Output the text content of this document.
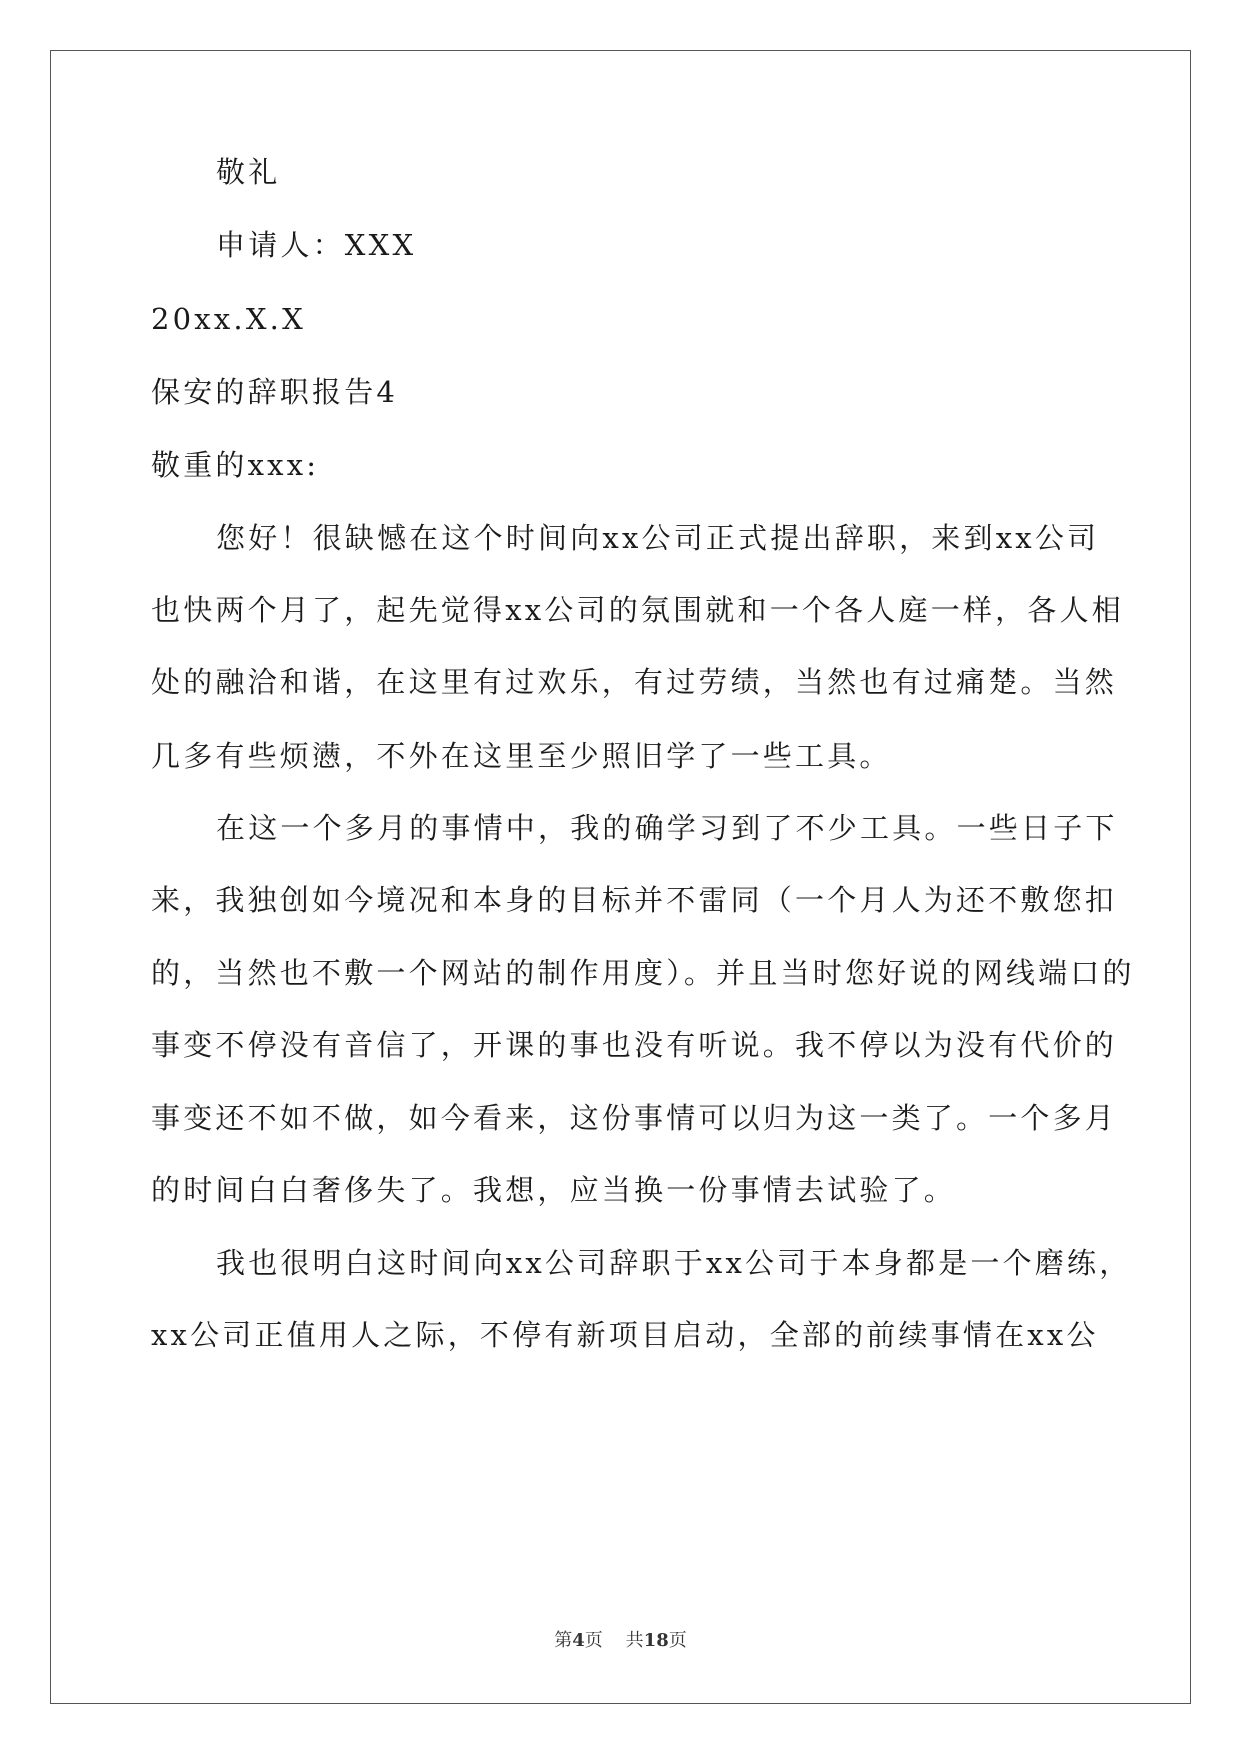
敬礼
申请人：XXX
20xx.X.X
保安的辞职报告4
敬重的xxx:
您好！很缺憾在这个时间向xx公司正式提出辞职，来到xx公司
也快两个月了，起先觉得xx公司的氛围就和一个各人庭一样，各人相
处的融洽和谐，在这里有过欢乐，有过劳绩，当然也有过痛楚。当然
几多有些烦懑，不外在这里至少照旧学了一些工具。
在这一个多月的事情中，我的确学习到了不少工具。一些日子下
来，我独创如今境况和本身的目标并不雷同（一个月人为还不敷您扣
的，当然也不敷一个网站的制作用度）。并且当时您好说的网线端口的
事变不停没有音信了，开课的事也没有听说。我不停以为没有代价的
事变还不如不做，如今看来，这份事情可以归为这一类了。一个多月
的时间白白奢侈失了。我想，应当换一份事情去试验了。
我也很明白这时间向xx公司辞职于xx公司于本身都是一个磨练，
xx公司正值用人之际，不停有新项目启动，全部的前续事情在xx公
第4页 共18页
